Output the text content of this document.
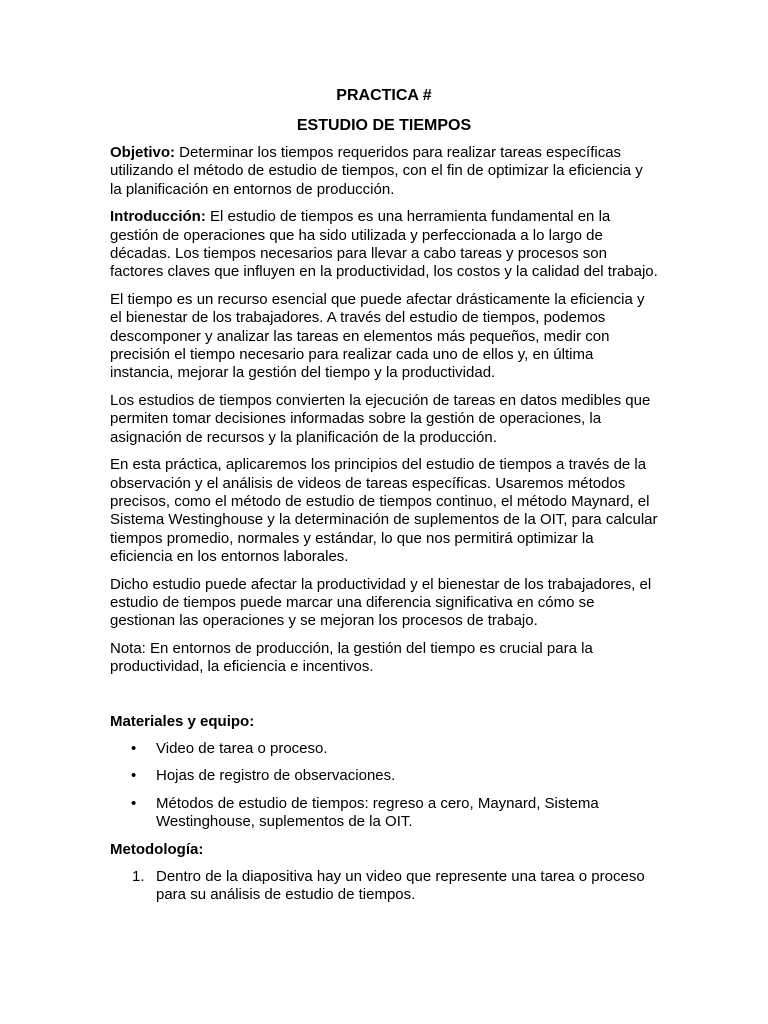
PRACTICA #
ESTUDIO DE TIEMPOS

Objetivo: Determinar los tiempos requeridos para realizar tareas específicas utilizando el método de estudio de tiempos, con el fin de optimizar la eficiencia y la planificación en entornos de producción.

Introducción: El estudio de tiempos es una herramienta fundamental en la gestión de operaciones que ha sido utilizada y perfeccionada a lo largo de décadas. Los tiempos necesarios para llevar a cabo tareas y procesos son factores claves que influyen en la productividad, los costos y la calidad del trabajo.

El tiempo es un recurso esencial que puede afectar drásticamente la eficiencia y el bienestar de los trabajadores. A través del estudio de tiempos, podemos descomponer y analizar las tareas en elementos más pequeños, medir con precisión el tiempo necesario para realizar cada uno de ellos y, en última instancia, mejorar la gestión del tiempo y la productividad.

Los estudios de tiempos convierten la ejecución de tareas en datos medibles que permiten tomar decisiones informadas sobre la gestión de operaciones, la asignación de recursos y la planificación de la producción.

En esta práctica, aplicaremos los principios del estudio de tiempos a través de la observación y el análisis de videos de tareas específicas. Usaremos métodos precisos, como el método de estudio de tiempos continuo, el método Maynard, el Sistema Westinghouse y la determinación de suplementos de la OIT, para calcular tiempos promedio, normales y estándar, lo que nos permitirá optimizar la eficiencia en los entornos laborales.

Dicho estudio puede afectar la productividad y el bienestar de los trabajadores, el estudio de tiempos puede marcar una diferencia significativa en cómo se gestionan las operaciones y se mejoran los procesos de trabajo.

Nota: En entornos de producción, la gestión del tiempo es crucial para la productividad, la eficiencia e incentivos.

Materiales y equipo:
• Video de tarea o proceso.
• Hojas de registro de observaciones.
• Métodos de estudio de tiempos: regreso a cero, Maynard, Sistema Westinghouse, suplementos de la OIT.
Metodología:
1. Dentro de la diapositiva hay un video que represente una tarea o proceso para su análisis de estudio de tiempos.
